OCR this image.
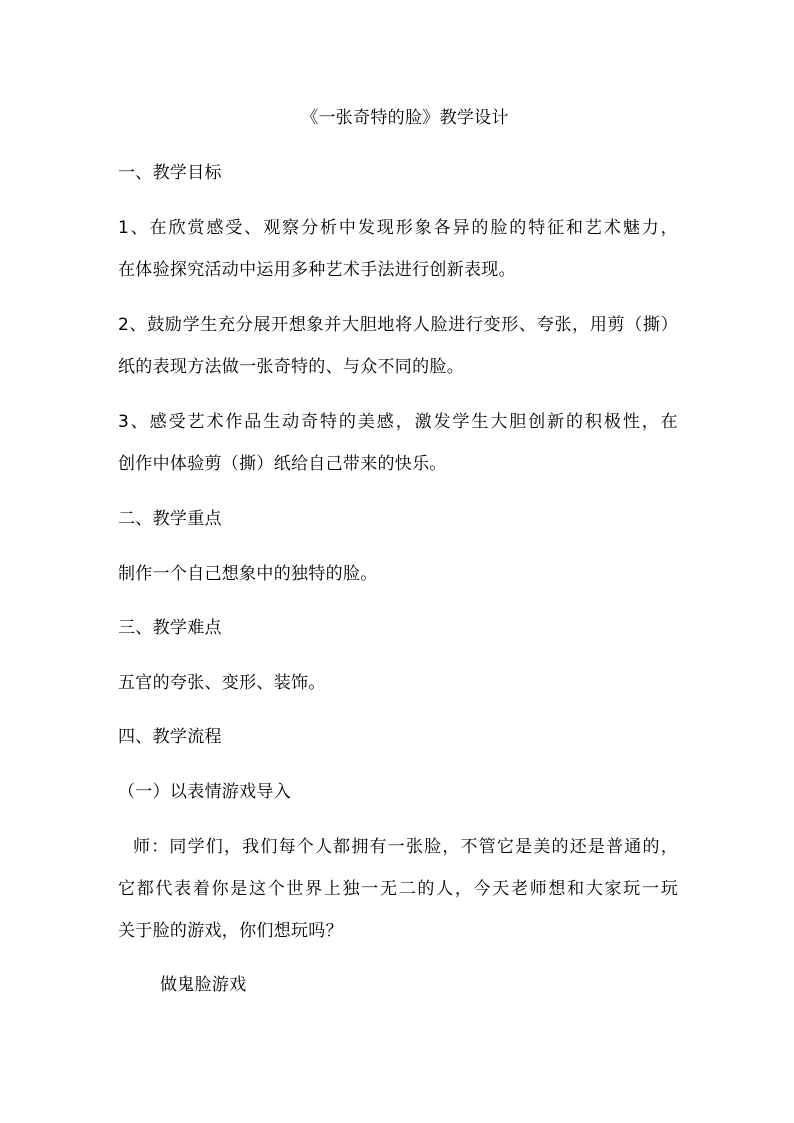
《一张奇特的脸》教学设计
一、教学目标
1、在欣赏感受、观察分析中发现形象各异的脸的特征和艺术魅力，
在体验探究活动中运用多种艺术手法进行创新表现。
2、鼓励学生充分展开想象并大胆地将人脸进行变形、夸张，用剪（撕）
纸的表现方法做一张奇特的、与众不同的脸。
3、感受艺术作品生动奇特的美感，激发学生大胆创新的积极性，在
创作中体验剪（撕）纸给自己带来的快乐。
二、教学重点
制作一个自己想象中的独特的脸。
三、教学难点
五官的夸张、变形、装饰。
四、教学流程
（一）以表情游戏导入
师：同学们，我们每个人都拥有一张脸，不管它是美的还是普通的，
它都代表着你是这个世界上独一无二的人，今天老师想和大家玩一玩
关于脸的游戏，你们想玩吗？
做鬼脸游戏
